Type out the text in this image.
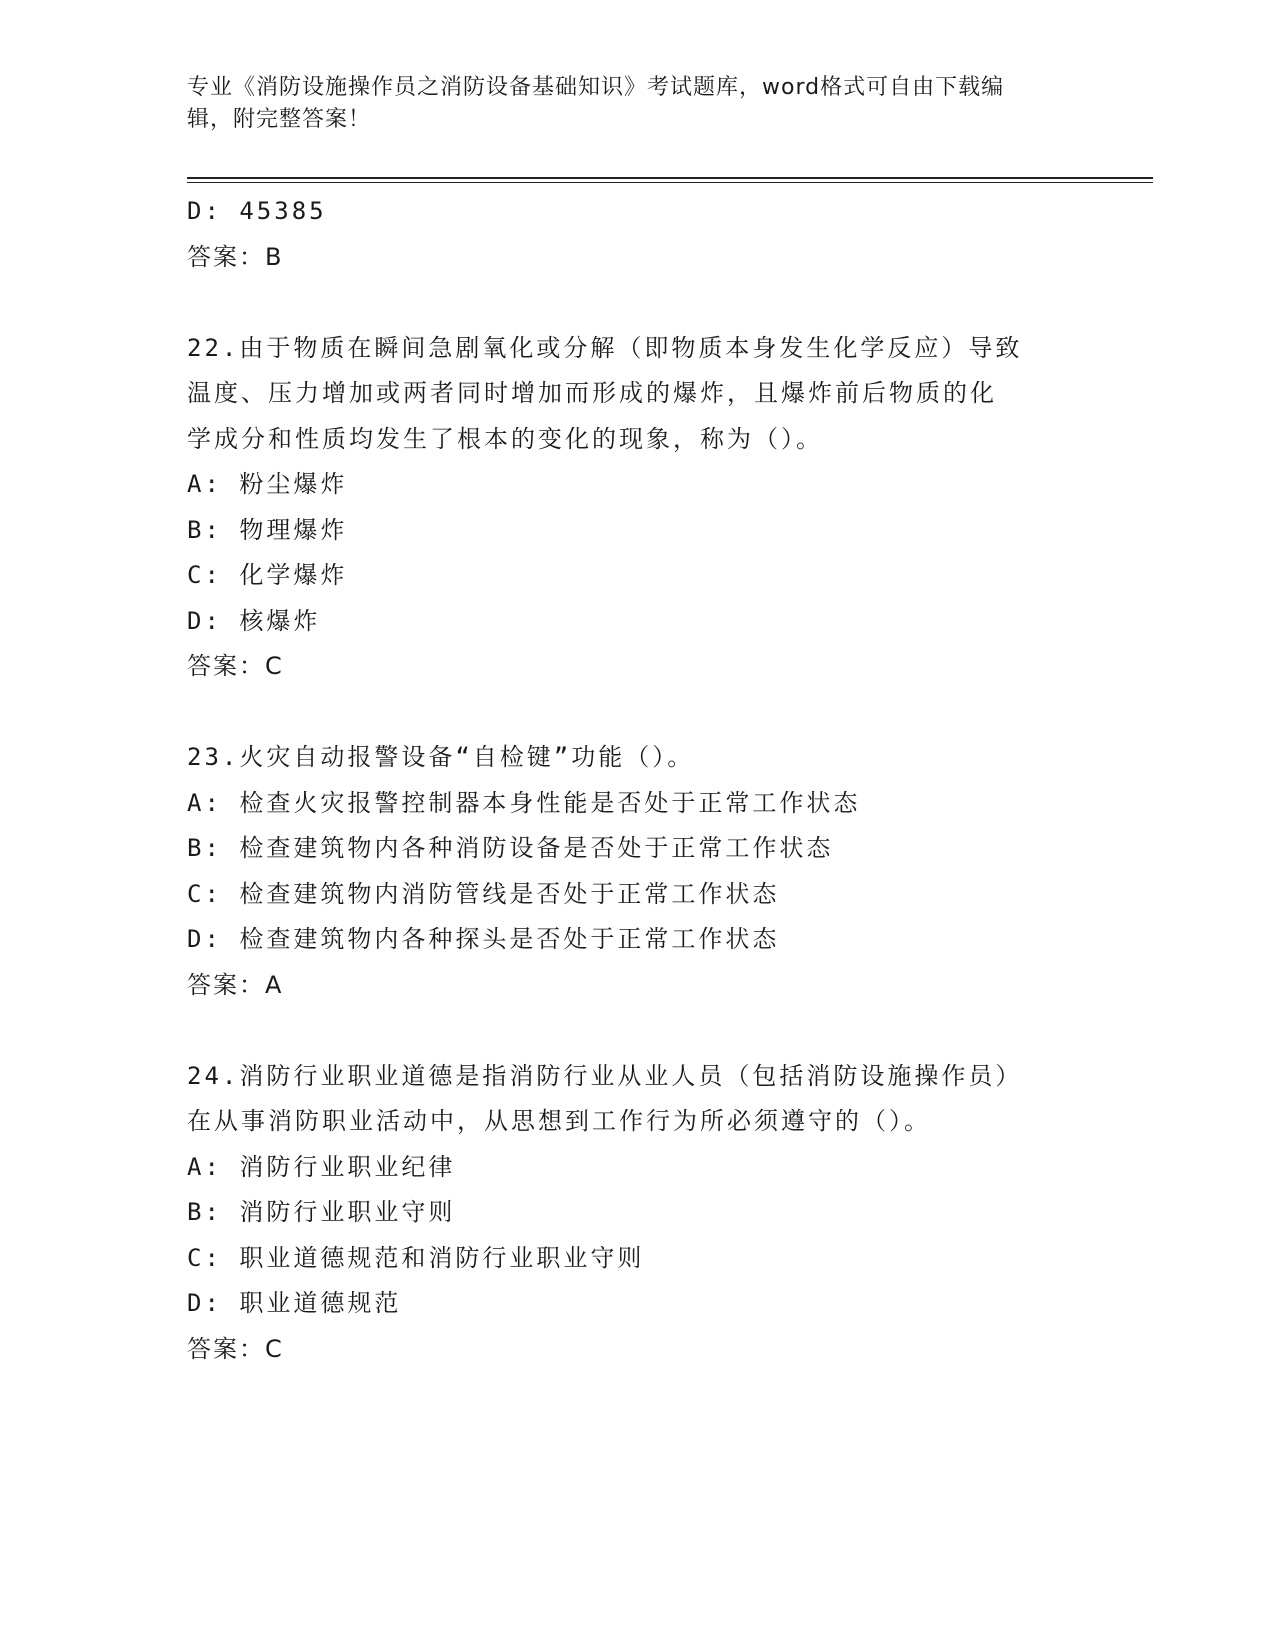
专业《消防设施操作员之消防设备基础知识》考试题库，word格式可自由下载编
辑，附完整答案！
D: 45385
答案：B
22.由于物质在瞬间急剧氧化或分解（即物质本身发生化学反应）导致
温度、压力增加或两者同时增加而形成的爆炸，且爆炸前后物质的化
学成分和性质均发生了根本的变化的现象，称为（）。
A: 粉尘爆炸
B: 物理爆炸
C: 化学爆炸
D: 核爆炸
答案：C
23.火灾自动报警设备“自检键”功能（）。
A: 检查火灾报警控制器本身性能是否处于正常工作状态
B: 检查建筑物内各种消防设备是否处于正常工作状态
C: 检查建筑物内消防管线是否处于正常工作状态
D: 检查建筑物内各种探头是否处于正常工作状态
答案：A
24.消防行业职业道德是指消防行业从业人员（包括消防设施操作员）
在从事消防职业活动中，从思想到工作行为所必须遵守的（）。
A: 消防行业职业纪律
B: 消防行业职业守则
C: 职业道德规范和消防行业职业守则
D: 职业道德规范
答案：C
